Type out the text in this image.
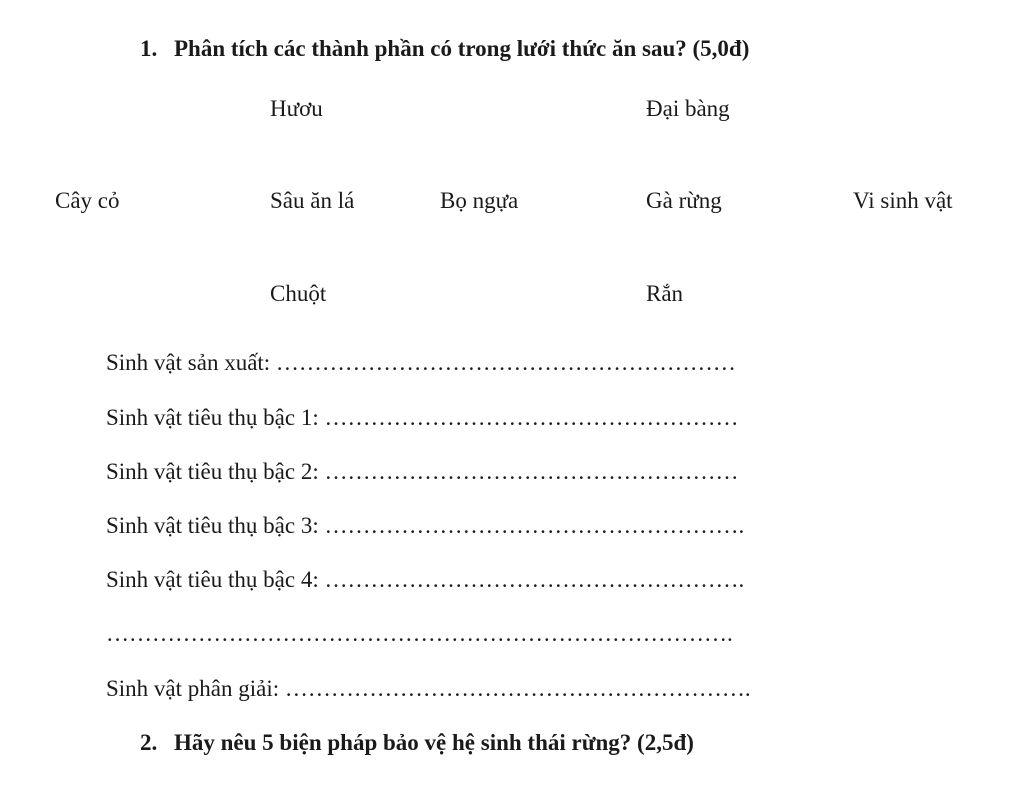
1. Phân tích các thành phần có trong lưới thức ăn sau? (5,0đ)
Hươu	Đại bàng
Cây cỏ	Sâu ăn lá	Bọ ngựa	Gà rừng	Vi sinh vật
Chuột	Rắn
Sinh vật sản xuất: ……………………………………………………
Sinh vật tiêu thụ bậc 1: ………………………………………………
Sinh vật tiêu thụ bậc 2: ………………………………………………
Sinh vật tiêu thụ bậc 3: ……………………………………………….
Sinh vật tiêu thụ bậc 4: ……………………………………………….
……………………………………………………………………….
Sinh vật phân giải: …………………………………………………….
2. Hãy nêu 5 biện pháp bảo vệ hệ sinh thái rừng? (2,5đ)
